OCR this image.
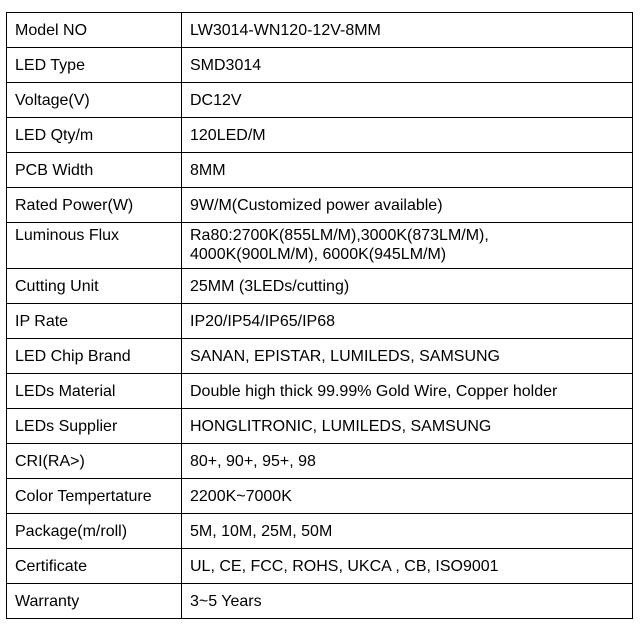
Model NO	LW3014-WN120-12V-8MM
LED Type	SMD3014
Voltage(V)	DC12V
LED Qty/m	120LED/M
PCB Width	8MM
Rated Power(W)	9W/M(Customized power available)
Luminous Flux	Ra80:2700K(855LM/M),3000K(873LM/M),
4000K(900LM/M), 6000K(945LM/M)

Cutting Unit	25MM (3LEDs/cutting)
IP Rate	IP20/IP54/IP65/IP68
LED Chip Brand	SANAN, EPISTAR, LUMILEDS, SAMSUNG
LEDs Material	Double high thick 99.99% Gold Wire, Copper holder
LEDs Supplier	HONGLITRONIC, LUMILEDS, SAMSUNG
CRI(RA>)	80+, 90+, 95+, 98
Color Tempertature	2200K~7000K
Package(m/roll)	5M, 10M, 25M, 50M
Certificate	UL, CE, FCC, ROHS, UKCA , CB, ISO9001
Warranty	3~5 Years
